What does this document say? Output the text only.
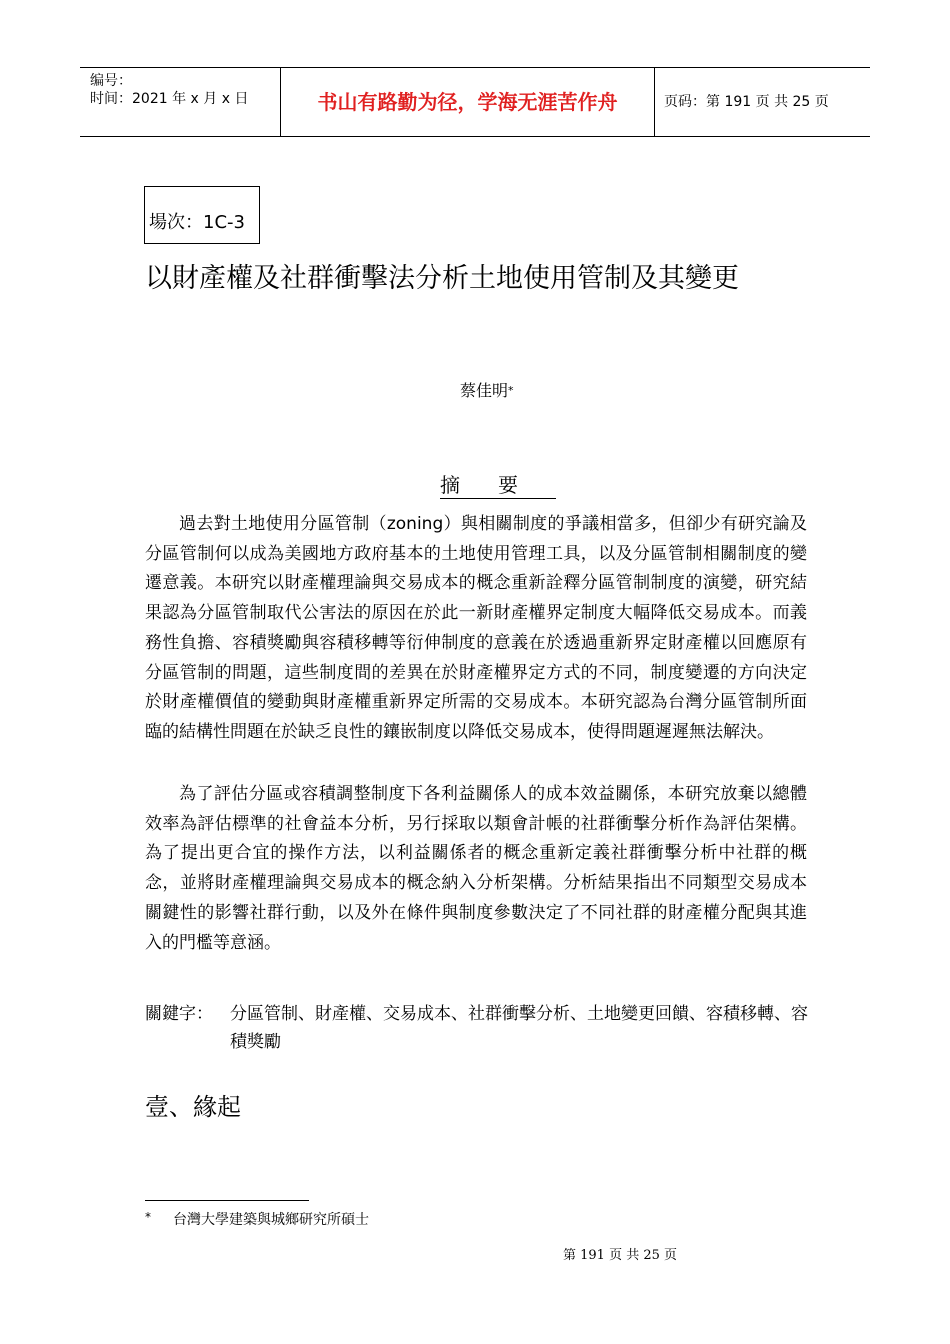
编号：
时间：2021 年 x 月 x 日	书山有路勤为径，学海无涯苦作舟	页码：第 191 页 共 25 页
場次：1C-3
以財產權及社群衝擊法分析土地使用管制及其變更
蔡佳明*
摘要

過去對土地使用分區管制（zoning）與相關制度的爭議相當多，但卻少有研究論及分區管制何以成為美國地方政府基本的土地使用管理工具，以及分區管制相關制度的變遷意義。本研究以財產權理論與交易成本的概念重新詮釋分區管制制度的演變，研究結果認為分區管制取代公害法的原因在於此一新財產權界定制度大幅降低交易成本。而義務性負擔、容積獎勵與容積移轉等衍伸制度的意義在於透過重新界定財產權以回應原有分區管制的問題，這些制度間的差異在於財產權界定方式的不同，制度變遷的方向決定於財產權價值的變動與財產權重新界定所需的交易成本。本研究認為台灣分區管制所面臨的結構性問題在於缺乏良性的鑲嵌制度以降低交易成本，使得問題遲遲無法解決。

為了評估分區或容積調整制度下各利益關係人的成本效益關係，本研究放棄以總體效率為評估標準的社會益本分析，另行採取以類會計帳的社群衝擊分析作為評估架構。為了提出更合宜的操作方法，以利益關係者的概念重新定義社群衝擊分析中社群的概念，並將財產權理論與交易成本的概念納入分析架構。分析結果指出不同類型交易成本關鍵性的影響社群行動，以及外在條件與制度參數決定了不同社群的財產權分配與其進入的門檻等意涵。

關鍵字： 分區管制、財產權、交易成本、社群衝擊分析、土地變更回饋、容積移轉、容積獎勵
壹、緣起
* 台灣大學建築與城鄉研究所碩士
第 191 页 共 25 页
